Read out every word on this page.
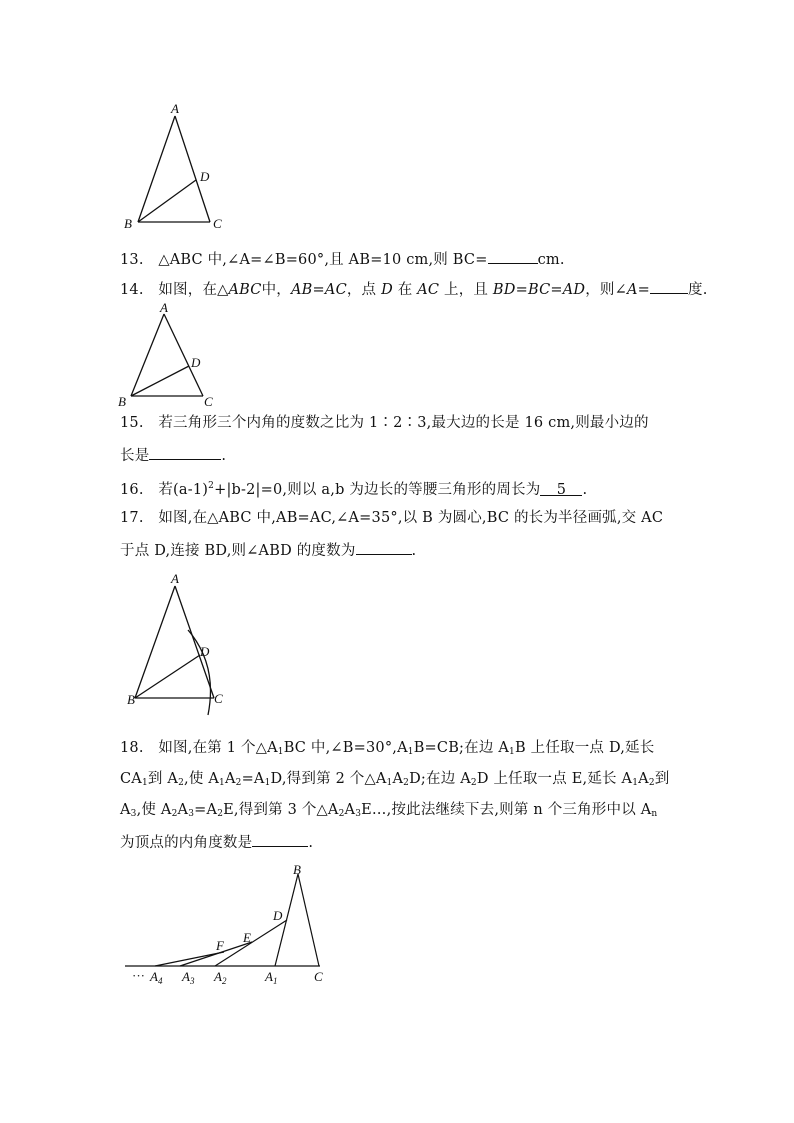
A
B	C
D
13.　△ABC 中,∠A=∠B=60°,且 AB=10 cm,则 BC=	cm.
14.　如图，在△ABC中，AB=AC，点 D 在 AC 上，且 BD=BC=AD，则∠A=	度.
A
B	C
D
15.　若三角形三个内角的度数之比为 1∶2∶3,最大边的长是 16 cm,则最小边的
长是	.
16.　若$(a-1)^2+|b-2|=0$,则以 a,b 为边长的等腰三角形的周长为 5 .
17.　如图,在△ABC 中,AB=AC,∠A=35°,以 B 为圆心,BC 的长为半径画弧,交 AC
于点 D,连接 BD,则∠ABD 的度数为	.
A
B	C
D
18.　如图,在第 1 个$\triangle A_1BC$ 中$,\angle B=30^\circ,A_1B=CB$;在边 $A_1B$ 上任取一点 D,延长
$CA_1$到 $A_2$,使 $A_1A_2=A_1D$,得到第 2 个$\triangle A_1A_2D$;在边 $A_2D$ 上任取一点 E,延长 $A_1A_2$到
$A_3$,使 $A_2A_3=A_2E$,得到第 3 个$\triangle A_2A_3E\dots$,按此法继续下去,则第 n 个三角形中以 $A_n$
为顶点的内角度数是	.
B
D
E
F
C
$A_1$
$A_2$
$A_3$
$A_4$
···
